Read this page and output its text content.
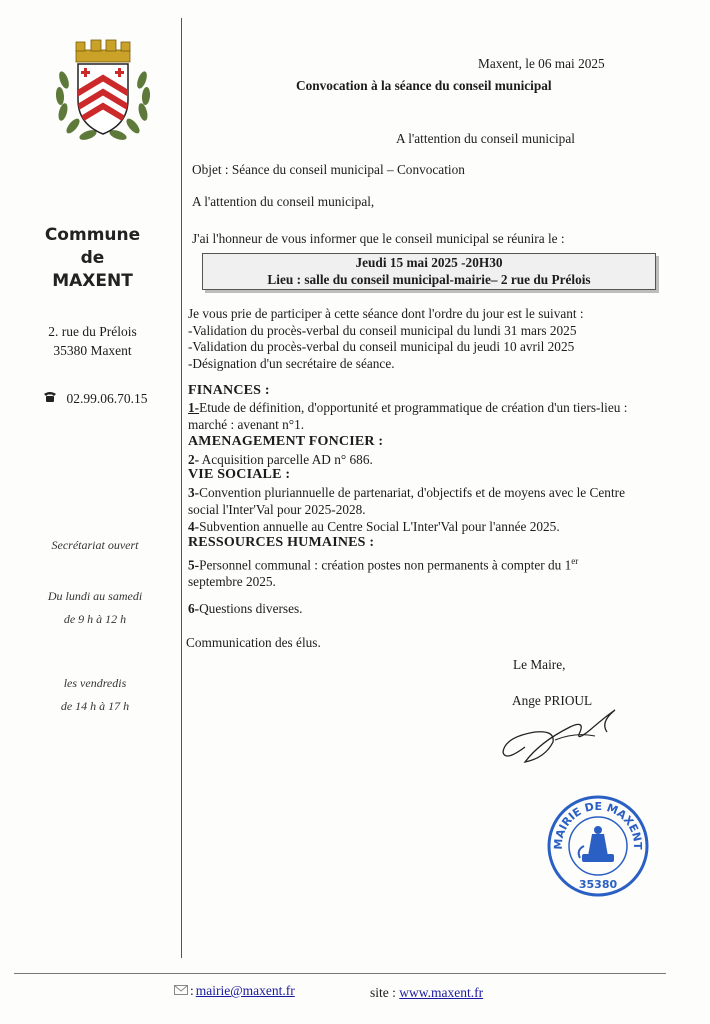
Commune
de
MAXENT
2. rue du Prélois
35380 Maxent
02.99.06.70.15
Secrétariat ouvert
Du lundi au samedi
de 9 h à 12 h
les vendredis
de 14 h à 17 h
Maxent, le 06 mai 2025
Convocation à la séance du conseil municipal
A l'attention du conseil municipal
Objet : Séance du conseil municipal – Convocation
A l'attention du conseil municipal,
J'ai l'honneur de vous informer que le conseil municipal se réunira le :
Jeudi 15 mai 2025 -20H30
Lieu : salle du conseil municipal-mairie– 2 rue du Prélois
Je vous prie de participer à cette séance dont l'ordre du jour est le suivant :
-Validation du procès-verbal du conseil municipal du lundi 31 mars 2025
-Validation du procès-verbal du conseil municipal du jeudi 10 avril 2025
-Désignation d'un secrétaire de séance.
FINANCES :
1-Etude de définition, d'opportunité et programmatique de création d'un tiers-lieu :
marché : avenant n°1.
AMENAGEMENT FONCIER :
2- Acquisition parcelle AD n° 686.
VIE SOCIALE :
3-Convention pluriannuelle de partenariat, d'objectifs et de moyens avec le Centre
social l'Inter'Val pour 2025-2028.
4-Subvention annuelle au Centre Social L'Inter'Val pour l'année 2025.
RESSOURCES HUMAINES :
5-Personnel communal : création postes non permanents à compter du 1er
septembre 2025.
6-Questions diverses.
Communication des élus.
Le Maire,
Ange PRIOUL
MAIRIE DE MAXENT
35380
: mairie@maxent.fr	site : www.maxent.fr
